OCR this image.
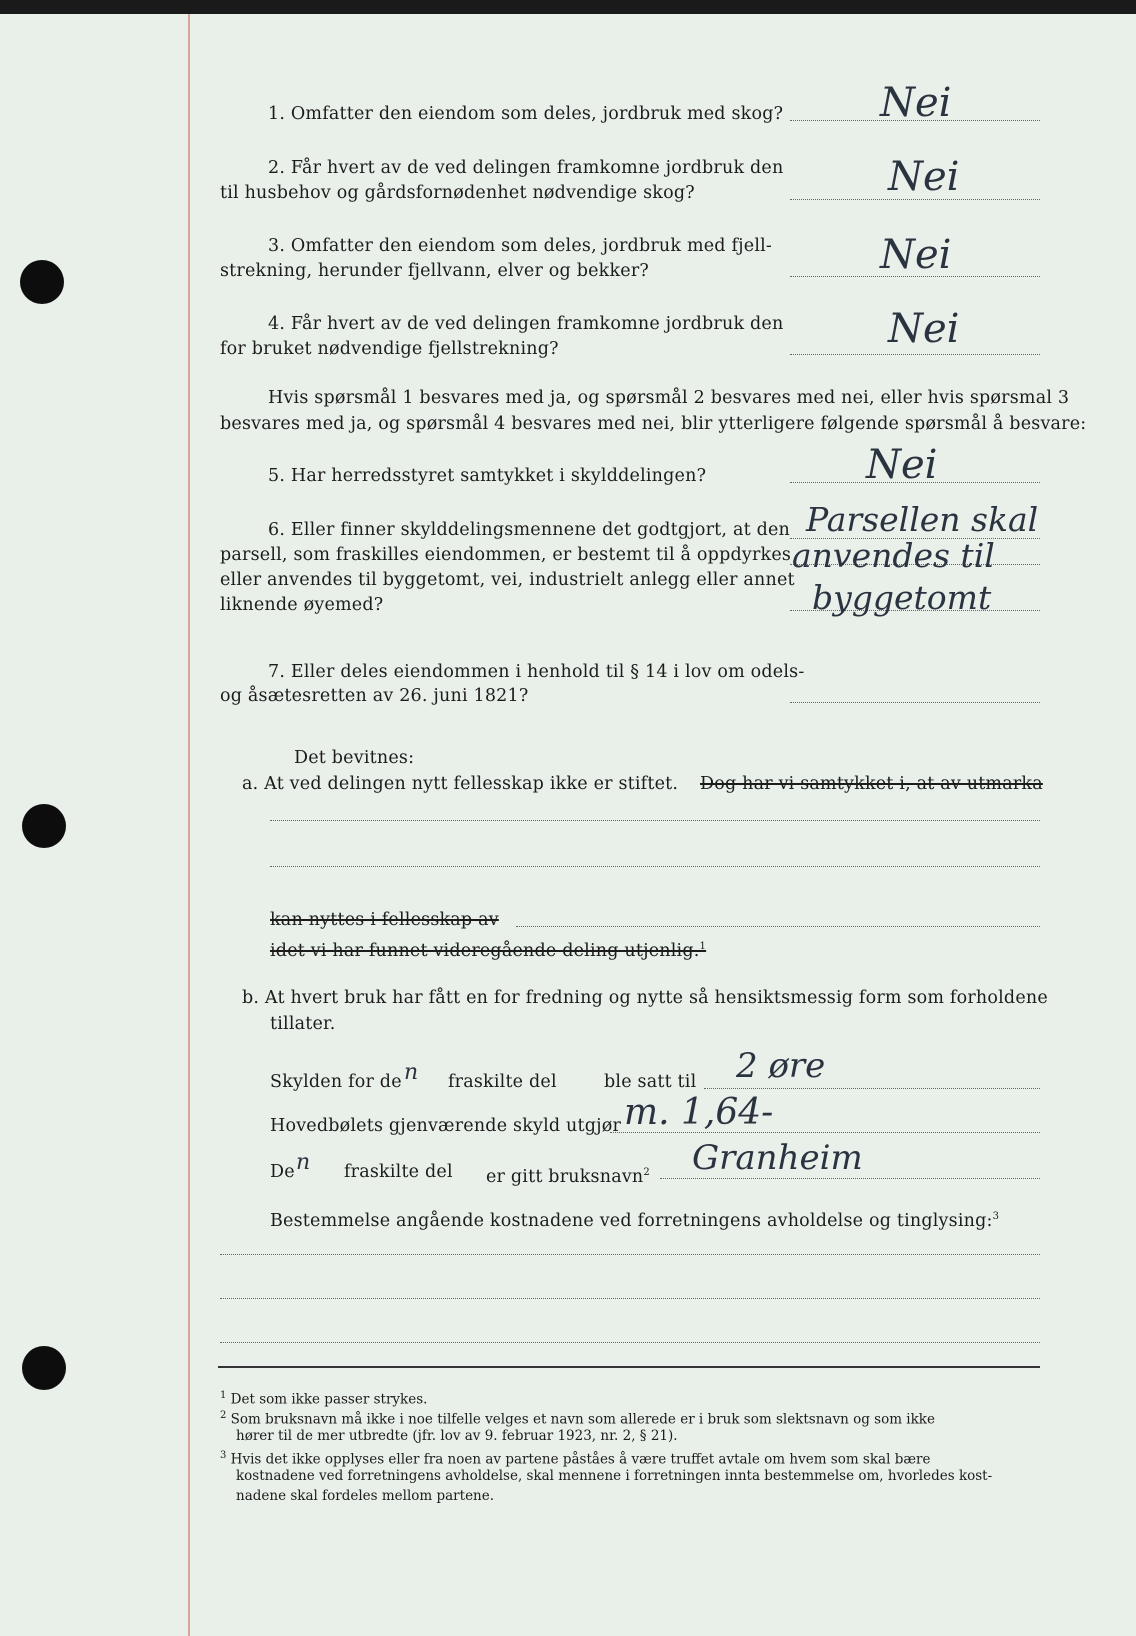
1. Omfatter den eiendom som deles, jordbruk med skog? Nei
2. Får hvert av de ved delingen framkomne jordbruk den
til husbehov og gårdsfornødenhet nødvendige skog?	Nei
3. Omfatter den eiendom som deles, jordbruk med fjell-
strekning, herunder fjellvann, elver og bekker?	Nei
4. Får hvert av de ved delingen framkomne jordbruk den
for bruket nødvendige fjellstrekning?	Nei
Hvis spørsmål 1 besvares med ja, og spørsmål 2 besvares med nei, eller hvis spørsmal 3
besvares med ja, og spørsmål 4 besvares med nei, blir ytterligere følgende spørsmål å besvare:
5. Har herredsstyret samtykket i skylddelingen?	Nei
6. Eller finner skylddelingsmennene det godtgjort, at den
parsell, som fraskilles eiendommen, er bestemt til å oppdyrkes
eller anvendes til byggetomt, vei, industrielt anlegg eller annet
liknende øyemed?
Parsellen skal
anvendes til
byggetomt
7. Eller deles eiendommen i henhold til § 14 i lov om odels-
og åsætesretten av 26. juni 1821?
Det bevitnes:
a. At ved delingen nytt fellesskap ikke er stiftet. Dog har vi samtykket i, at av utmarka
kan nyttes i fellesskap av
idet vi har funnet videregående deling utjenlig.$^1$
b. At hvert bruk har fått en for fredning og nytte så hensiktsmessig form som forholdene
tillater.
Skylden for de n fraskilte del	ble satt til 2 øre
Hovedbølets gjenværende skyld utgjør m. 1,64-
De n fraskilte del er gitt bruksnavn$^2$ Granheim
Bestemmelse angående kostnadene ved forretningens avholdelse og tinglysing:$^3$
$^1$ Det som ikke passer strykes.
$^2$ Som bruksnavn må ikke i noe tilfelle velges et navn som allerede er i bruk som slektsnavn og som ikke
hører til de mer utbredte (jfr. lov av 9. februar 1923, nr. 2, § 21).
$^3$ Hvis det ikke opplyses eller fra noen av partene påståes å være truffet avtale om hvem som skal bære
kostnadene ved forretningens avholdelse, skal mennene i forretningen innta bestemmelse om, hvorledes kost-
nadene skal fordeles mellom partene.
